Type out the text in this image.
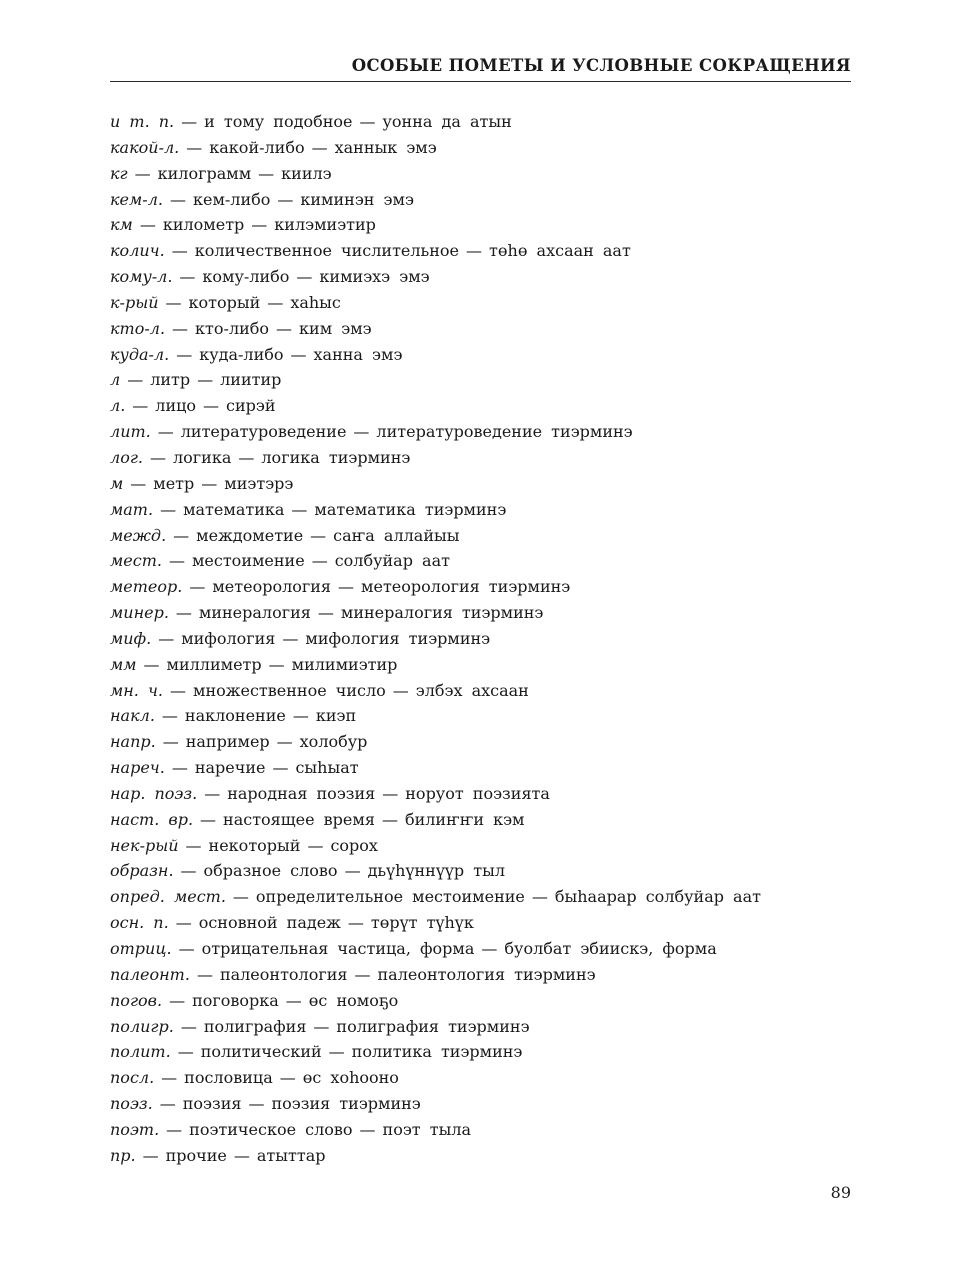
ОСОБЫЕ ПОМЕТЫ И УСЛОВНЫЕ СОКРАЩЕНИЯ
и т. п. — и тому подобное — уонна да атын
какой-л. — какой-либо — ханнык эмэ
кг — килограмм — киилэ
кем-л. — кем-либо — киминэн эмэ
км — километр — килэмиэтир
колич. — количественное числительное — төһө ахсаан аат
кому-л. — кому-либо — кимиэхэ эмэ
к-рый — который — хаһыс
кто-л. — кто-либо — ким эмэ
куда-л. — куда-либо — ханна эмэ
л — литр — лиитир
л. — лицо — сирэй
лит. — литературоведение — литературоведение тиэрминэ
лог. — логика — логика тиэрминэ
м — метр — миэтэрэ
мат. — математика — математика тиэрминэ
межд. — междометие — саҥа аллайыы
мест. — местоимение — солбуйар аат
метеор. — метеорология — метеорология тиэрминэ
минер. — минералогия — минералогия тиэрминэ
миф. — мифология — мифология тиэрминэ
мм — миллиметр — милимиэтир
мн. ч. — множественное число — элбэх ахсаан
накл. — наклонение — киэп
напр. — например — холобур
нареч. — наречие — сыһыат
нар. поэз. — народная поэзия — норуот поэзията
наст. вр. — настоящее время — билиҥҥи кэм
нек-рый — некоторый — сорох
образн. — образное слово — дьүһүннүүр тыл
опред. мест. — определительное местоимение — быһаарар солбуйар аат
осн. п. — основной падеж — төрүт түһүк
отриц. — отрицательная частица, форма — буолбат эбиискэ, форма
палеонт. — палеонтология — палеонтология тиэрминэ
погов. — поговорка — өс номоҕо
полигр. — полиграфия — полиграфия тиэрминэ
полит. — политический — политика тиэрминэ
посл. — пословица — өс хоһооно
поэз. — поэзия — поэзия тиэрминэ
поэт. — поэтическое слово — поэт тыла
пр. — прочие — атыттар
89
